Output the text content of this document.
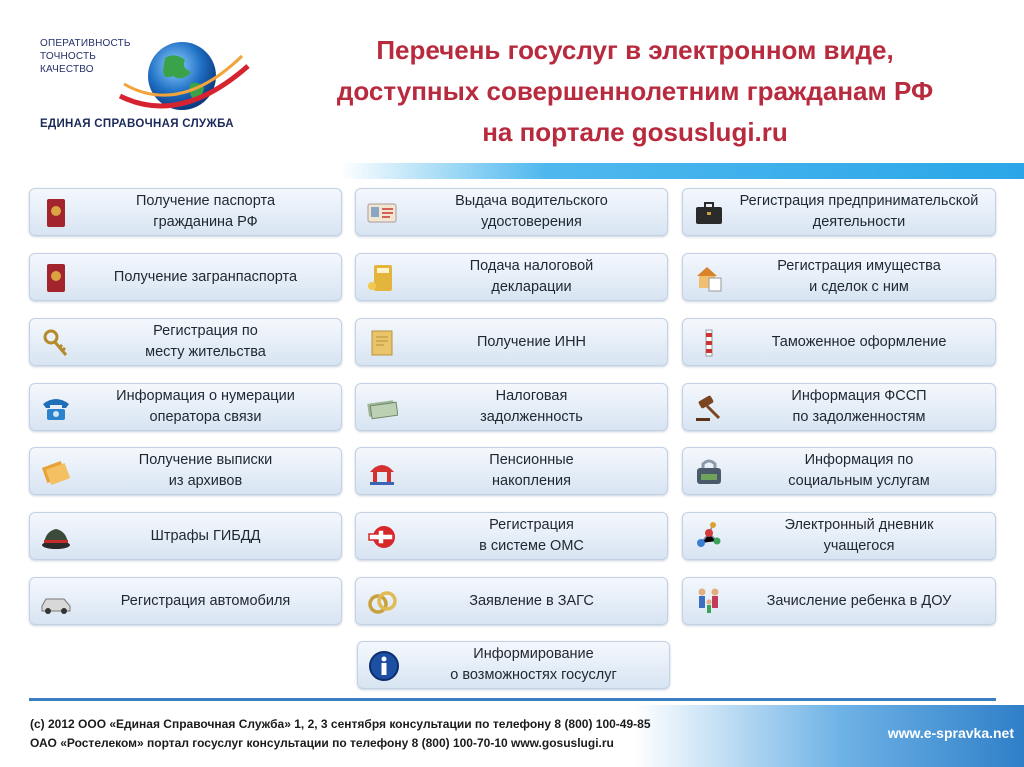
ОПЕРАТИВНОСТЬ
ТОЧНОСТЬ
КАЧЕСТВО
ЕДИНАЯ СПРАВОЧНАЯ СЛУЖБА
Перечень госуслуг в электронном виде,
доступных совершеннолетним гражданам РФ
на портале gosuslugi.ru
Получение паспорта
гражданина РФ
Получение загранпаспорта
Регистрация по
месту жительства
Информация о нумерации
оператора связи
Получение выписки
из архивов
Штрафы ГИБДД
Регистрация автомобиля
Выдача водительского
удостоверения
Подача налоговой
декларации
Получение ИНН
Налоговая
задолженность
Пенсионные
накопления
Регистрация
в системе ОМС
Заявление в ЗАГС
Регистрация предпринимательской
деятельности
Регистрация имущества
и сделок с ним
Таможенное оформление
Информация ФССП
по задолженностям
Информация по
социальным услугам
Электронный дневник
учащегося
Зачисление ребенка в ДОУ
Информирование
о возможностях госуслуг
(с) 2012 ООО «Единая Справочная Служба» 1, 2, 3 сентября консультации по телефону 8 (800) 100-49-85
ОАО «Ростелеком» портал госуслуг консультации по телефону 8 (800) 100-70-10 www.gosuslugi.ru
www.e-spravka.net
